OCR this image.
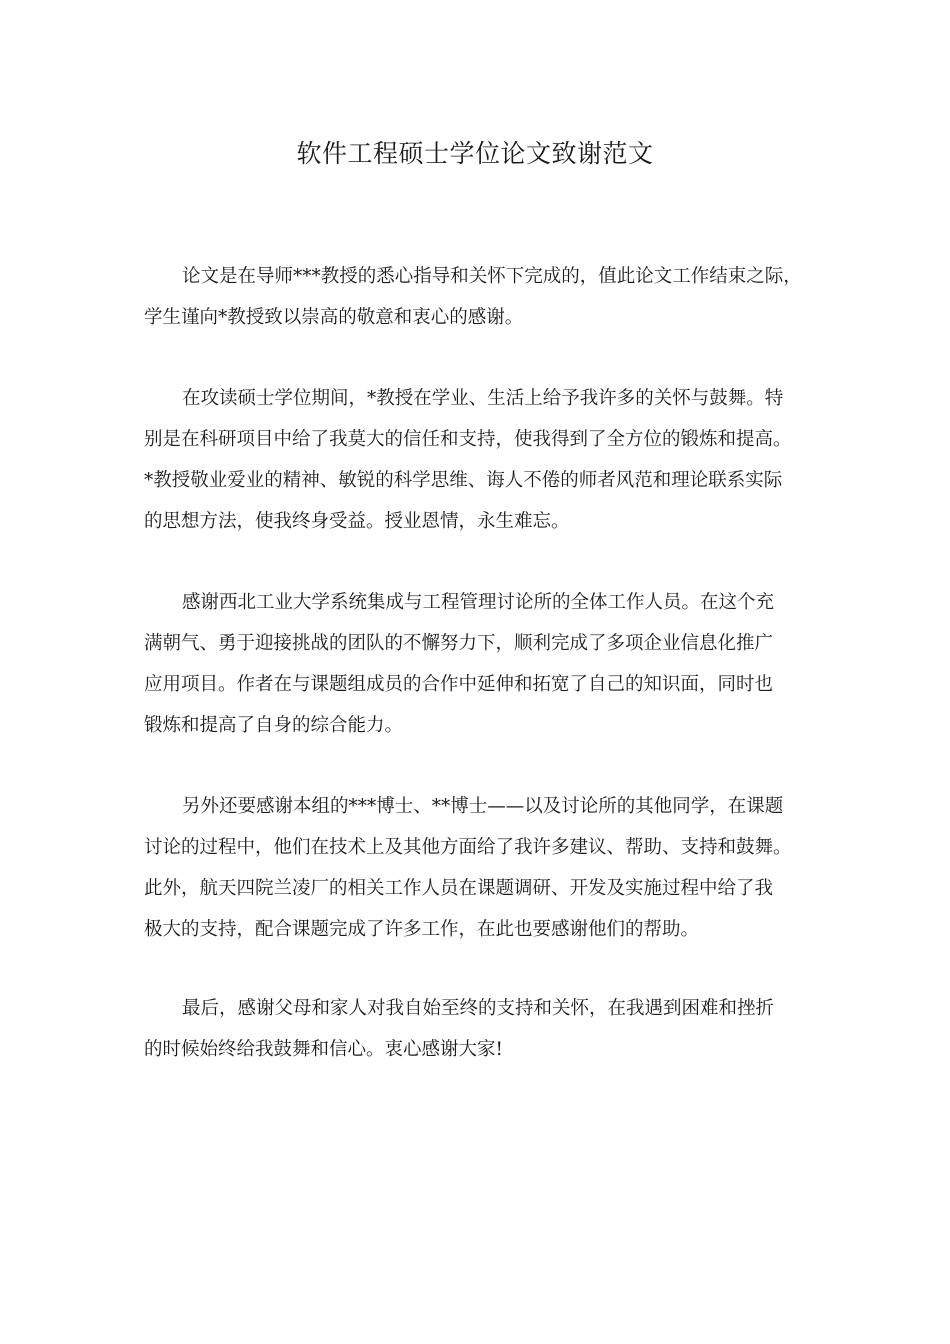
软件工程硕士学位论文致谢范文

论文是在导师***教授的悉心指导和关怀下完成的，值此论文工作结束之际，
学生谨向*教授致以崇高的敬意和衷心的感谢。

在攻读硕士学位期间，*教授在学业、生活上给予我许多的关怀与鼓舞。特
别是在科研项目中给了我莫大的信任和支持，使我得到了全方位的锻炼和提高。
*教授敬业爱业的精神、敏锐的科学思维、诲人不倦的师者风范和理论联系实际
的思想方法，使我终身受益。授业恩情，永生难忘。

感谢西北工业大学系统集成与工程管理讨论所的全体工作人员。在这个充
满朝气、勇于迎接挑战的团队的不懈努力下，顺利完成了多项企业信息化推广
应用项目。作者在与课题组成员的合作中延伸和拓宽了自己的知识面，同时也
锻炼和提高了自身的综合能力。

另外还要感谢本组的***博士、**博士——以及讨论所的其他同学，在课题
讨论的过程中，他们在技术上及其他方面给了我许多建议、帮助、支持和鼓舞。
此外，航天四院兰凌厂的相关工作人员在课题调研、开发及实施过程中给了我
极大的支持，配合课题完成了许多工作，在此也要感谢他们的帮助。

最后，感谢父母和家人对我自始至终的支持和关怀，在我遇到困难和挫折
的时候始终给我鼓舞和信心。衷心感谢大家!
